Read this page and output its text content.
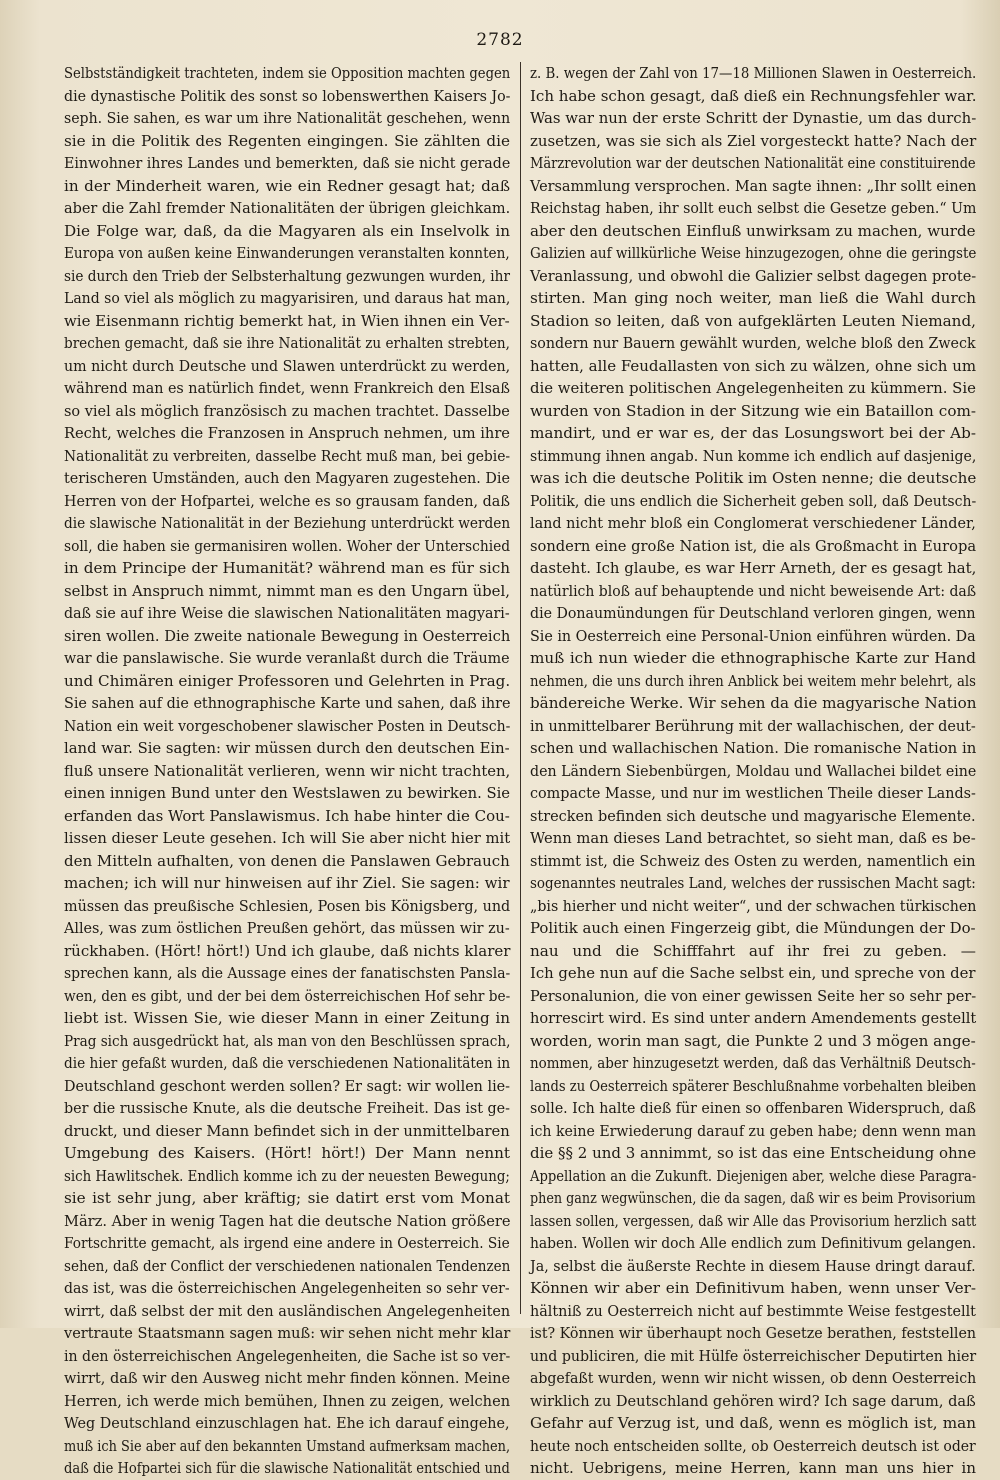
2782

Selbstständigkeit trachteten, indem sie Opposition machten gegen

die dynastische Politik des sonst so lobenswerthen Kaisers Jo-

seph. Sie sahen, es war um ihre Nationalität geschehen, wenn

sie in die Politik des Regenten eingingen. Sie zählten die

Einwohner ihres Landes und bemerkten, daß sie nicht gerade

in der Minderheit waren, wie ein Redner gesagt hat; daß

aber die Zahl fremder Nationalitäten der übrigen gleichkam.

Die Folge war, daß, da die Magyaren als ein Inselvolk in

Europa von außen keine Einwanderungen veranstalten konnten,

sie durch den Trieb der Selbsterhaltung gezwungen wurden, ihr

Land so viel als möglich zu magyarisiren, und daraus hat man,

wie Eisenmann richtig bemerkt hat, in Wien ihnen ein Ver-

brechen gemacht, daß sie ihre Nationalität zu erhalten strebten,

um nicht durch Deutsche und Slawen unterdrückt zu werden,

während man es natürlich findet, wenn Frankreich den Elsaß

so viel als möglich französisch zu machen trachtet. Dasselbe

Recht, welches die Franzosen in Anspruch nehmen, um ihre

Nationalität zu verbreiten, dasselbe Recht muß man, bei gebie-

terischeren Umständen, auch den Magyaren zugestehen. Die

Herren von der Hofpartei, welche es so grausam fanden, daß

die slawische Nationalität in der Beziehung unterdrückt werden

soll, die haben sie germanisiren wollen. Woher der Unterschied

in dem Principe der Humanität? während man es für sich

selbst in Anspruch nimmt, nimmt man es den Ungarn übel,

daß sie auf ihre Weise die slawischen Nationalitäten magyari-

siren wollen. Die zweite nationale Bewegung in Oesterreich

war die panslawische. Sie wurde veranlaßt durch die Träume

und Chimären einiger Professoren und Gelehrten in Prag.

Sie sahen auf die ethnographische Karte und sahen, daß ihre

Nation ein weit vorgeschobener slawischer Posten in Deutsch-

land war. Sie sagten: wir müssen durch den deutschen Ein-

fluß unsere Nationalität verlieren, wenn wir nicht trachten,

einen innigen Bund unter den Westslawen zu bewirken. Sie

erfanden das Wort Panslawismus. Ich habe hinter die Cou-

lissen dieser Leute gesehen. Ich will Sie aber nicht hier mit

den Mitteln aufhalten, von denen die Panslawen Gebrauch

machen; ich will nur hinweisen auf ihr Ziel. Sie sagen: wir

müssen das preußische Schlesien, Posen bis Königsberg, und

Alles, was zum östlichen Preußen gehört, das müssen wir zu-

rückhaben. (Hört! hört!) Und ich glaube, daß nichts klarer

sprechen kann, als die Aussage eines der fanatischsten Pansla-

wen, den es gibt, und der bei dem österreichischen Hof sehr be-

liebt ist. Wissen Sie, wie dieser Mann in einer Zeitung in

Prag sich ausgedrückt hat, als man von den Beschlüssen sprach,

die hier gefaßt wurden, daß die verschiedenen Nationalitäten in

Deutschland geschont werden sollen? Er sagt: wir wollen lie-

ber die russische Knute, als die deutsche Freiheit. Das ist ge-

druckt, und dieser Mann befindet sich in der unmittelbaren

Umgebung des Kaisers. (Hört! hört!) Der Mann nennt

sich Hawlitschek. Endlich komme ich zu der neuesten Bewegung;

sie ist sehr jung, aber kräftig; sie datirt erst vom Monat

März. Aber in wenig Tagen hat die deutsche Nation größere

Fortschritte gemacht, als irgend eine andere in Oesterreich. Sie

sehen, daß der Conflict der verschiedenen nationalen Tendenzen

das ist, was die österreichischen Angelegenheiten so sehr ver-

wirrt, daß selbst der mit den ausländischen Angelegenheiten

vertraute Staatsmann sagen muß: wir sehen nicht mehr klar

in den österreichischen Angelegenheiten, die Sache ist so ver-

wirrt, daß wir den Ausweg nicht mehr finden können. Meine

Herren, ich werde mich bemühen, Ihnen zu zeigen, welchen

Weg Deutschland einzuschlagen hat. Ehe ich darauf eingehe,

muß ich Sie aber auf den bekannten Umstand aufmerksam machen,

daß die Hofpartei sich für die slawische Nationalität entschied und

z. B. wegen der Zahl von 17—18 Millionen Slawen in Oesterreich.

Ich habe schon gesagt, daß dieß ein Rechnungsfehler war.

Was war nun der erste Schritt der Dynastie, um das durch-

zusetzen, was sie sich als Ziel vorgesteckt hatte? Nach der

Märzrevolution war der deutschen Nationalität eine constituirende

Versammlung versprochen. Man sagte ihnen: „Ihr sollt einen

Reichstag haben, ihr sollt euch selbst die Gesetze geben.“ Um

aber den deutschen Einfluß unwirksam zu machen, wurde

Galizien auf willkürliche Weise hinzugezogen, ohne die geringste

Veranlassung, und obwohl die Galizier selbst dagegen prote-

stirten. Man ging noch weiter, man ließ die Wahl durch

Stadion so leiten, daß von aufgeklärten Leuten Niemand,

sondern nur Bauern gewählt wurden, welche bloß den Zweck

hatten, alle Feudallasten von sich zu wälzen, ohne sich um

die weiteren politischen Angelegenheiten zu kümmern. Sie

wurden von Stadion in der Sitzung wie ein Bataillon com-

mandirt, und er war es, der das Losungswort bei der Ab-

stimmung ihnen angab. Nun komme ich endlich auf dasjenige,

was ich die deutsche Politik im Osten nenne; die deutsche

Politik, die uns endlich die Sicherheit geben soll, daß Deutsch-

land nicht mehr bloß ein Conglomerat verschiedener Länder,

sondern eine große Nation ist, die als Großmacht in Europa

dasteht. Ich glaube, es war Herr Arneth, der es gesagt hat,

natürlich bloß auf behauptende und nicht beweisende Art: daß

die Donaumündungen für Deutschland verloren gingen, wenn

Sie in Oesterreich eine Personal-Union einführen würden. Da

muß ich nun wieder die ethnographische Karte zur Hand

nehmen, die uns durch ihren Anblick bei weitem mehr belehrt, als

bändereiche Werke. Wir sehen da die magyarische Nation

in unmittelbarer Berührung mit der wallachischen, der deut-

schen und wallachischen Nation. Die romanische Nation in

den Ländern Siebenbürgen, Moldau und Wallachei bildet eine

compacte Masse, und nur im westlichen Theile dieser Lands-

strecken befinden sich deutsche und magyarische Elemente.

Wenn man dieses Land betrachtet, so sieht man, daß es be-

stimmt ist, die Schweiz des Osten zu werden, namentlich ein

sogenanntes neutrales Land, welches der russischen Macht sagt:

„bis hierher und nicht weiter“, und der schwachen türkischen

Politik auch einen Fingerzeig gibt, die Mündungen der Do-

nau und die Schifffahrt auf ihr frei zu geben. —

Ich gehe nun auf die Sache selbst ein, und spreche von der

Personalunion, die von einer gewissen Seite her so sehr per-

horrescirt wird. Es sind unter andern Amendements gestellt

worden, worin man sagt, die Punkte 2 und 3 mögen ange-

nommen, aber hinzugesetzt werden, daß das Verhältniß Deutsch-

lands zu Oesterreich späterer Beschlußnahme vorbehalten bleiben

solle. Ich halte dieß für einen so offenbaren Widerspruch, daß

ich keine Erwiederung darauf zu geben habe; denn wenn man

die §§ 2 und 3 annimmt, so ist das eine Entscheidung ohne

Appellation an die Zukunft. Diejenigen aber, welche diese Paragra-

phen ganz wegwünschen, die da sagen, daß wir es beim Provisorium

lassen sollen, vergessen, daß wir Alle das Provisorium herzlich satt

haben. Wollen wir doch Alle endlich zum Definitivum gelangen.

Ja, selbst die äußerste Rechte in diesem Hause dringt darauf.

Können wir aber ein Definitivum haben, wenn unser Ver-

hältniß zu Oesterreich nicht auf bestimmte Weise festgestellt

ist? Können wir überhaupt noch Gesetze berathen, feststellen

und publiciren, die mit Hülfe österreichischer Deputirten hier

abgefaßt wurden, wenn wir nicht wissen, ob denn Oesterreich

wirklich zu Deutschland gehören wird? Ich sage darum, daß

Gefahr auf Verzug ist, und daß, wenn es möglich ist, man

heute noch entscheiden sollte, ob Oesterreich deutsch ist oder

nicht. Uebrigens, meine Herren, kann man uns hier in
